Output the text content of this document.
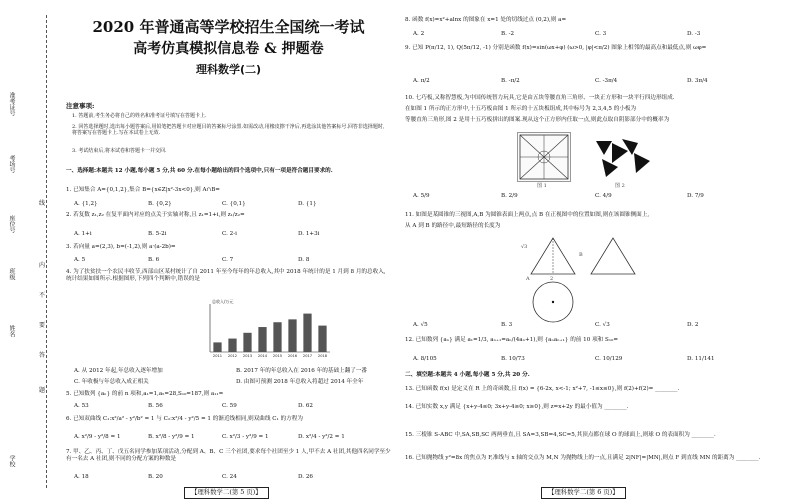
准考证号
考场号
座位号
班级
姓名
学校
线
内
不
要
答
题
2020 年普通高等学校招生全国统一考试
高考仿真模拟信息卷 & 押题卷
理科数学(二)
注意事项:
1. 答题前,考生务必将自己的姓名和准考证号填写在答题卡上.
2. 回答选择题时,选出每小题答案后,用铅笔把答题卡对应题目的答案标号涂黑.如需改动,用橡皮擦干净后,再选涂其他答案标号.回答非选择题时,将答案写在答题卡上.写在本试卷上无效.
3. 考试结束后,将本试卷和答题卡一并交回.
一、选择题:本题共 12 小题,每小题 5 分,共 60 分.在每小题给出的四个选项中,只有一项是符合题目要求的.
1. 已知集合 A={0,1,2},集合 B={x∈Z|x²-3x<0},则 A∩B=
A. {1,2}	B. {0,2}	C. {0,1}	D. {1}
2. 若复数 z₁,z₂ 在复平面内对应的点关于实轴对称,且 z₁=1+i,则 z₁/z₂=
A. 1+i	B. 5-2i	C. 2-i	D. 1+3i
3. 若向量 a=(2,3), b=(-1,2),则 a·(a-2b)=
A. 5	B. 6	C. 7	D. 8
4. 为了扶贫扶一个农民丰收节,西部山区某村统计了自 2011 年至今每年的年总收入,其中 2018 年统计的是 1 月到 8 月的总收入,统计结果如图所示.根据图形,下列四个判断中,错误的是
总收入/万元
2011 2012 2013 2014 2015 2016 2017 2018
A. 从 2012 年起,年总收入逐年增加	B. 2017 年的年总收入在 2016 年的基础上翻了一番
C. 年收极与年总收入成正相关	D. 由图可预测 2018 年总收入将超过 2014 年全年
5. 已知数列 {aₙ} 的前 n 项和,a₁=1,a₅=28,S₁₀=187,则 a₁₁=
A. 53	B. 56	C. 59	D. 62
6. 已知双曲线 C₁:x²/a² - y²/b² = 1 与 C₂:x²/4 - y²/5 = 1 的渐近线相同,则双曲线 C₁ 的方程为
A. x²/9 - y²/8 = 1	B. x²/8 - y²/9 = 1	C. x²/3 - y²/9 = 1	D. x²/4 - y²/2 = 1
7. 甲、乙、丙、丁、戊五名同学参加某项活动,分配到 A、B、C 三个社团,要求每个社团至少 1 人,甲不去 A 社团,其他四名同学至少有一名去 A 社团,则不同的分配方案的种数是
A. 18	B. 20	C. 24	D. 26
【理科数学二(第 5 页)】
8. 函数 f(x)=x²+alnx 的图象在 x=1 处的切线过点 (0,2),则 a=
A. 2	B. -2	C. 3	D. -3
9. 已知 P(π/12, 1), Q(5π/12, -1) 分别是函数 f(x)=sin(ωx+φ) (ω>0, |φ|<π/2) 图象上相邻的最高点和最低点,则 ωφ=
A. π/2	B. -π/2	C. -3π/4	D. 3π/4
10. 七巧板,又称智慧板,为中国传统智力玩具,它是由五块等腰直角三角形、一块正方形和一块平行四边形组成.
在如图 1 所示的正方形中,十五巧板由图 1 所示的十五块板组成,其中标号为 2,3,4,5 的小板为
等腰直角三角形,图 2 是用十五巧板拼出的图案.现从这个正方形内任取一点,则此点取自阴影部分中的概率为
图 1	图 2
A. 5/9	B. 2/9	C. 4/9	D. 7/9
11. 如图是某圆锥的三视图,A,B 为圆锥表面上两点,点 B 在正视图中的位置如图,则在该圆锥侧面上,
从 A 到 B 的路径中,最短路径的长度为
√3
A
B
2
A. √5	B. 3	C. √3	D. 2
12. 已知数列 {aₙ} 满足 a₁=1/3, aₙ₊₁=aₙ/(4aₙ+1),则 {aₙaₙ₊₁} 的前 10 项和 S₁₀=
A. 8/105	B. 10/73	C. 10/129	D. 11/141
二、填空题:本题共 4 小题,每小题 5 分,共 20 分.
13. 已知函数 f(x) 是定义在 R 上的奇函数,且 f(x) = {6-2x, x<-1; x²+7, -1≤x≤0},则 f(2)+f(2)= ________.
14. 已知实数 x,y 满足 {x+y-4≤0; 3x+y-4≥0; x≥0},则 z=x+2y 的最小值为 ________.
15. 三棱锥 S-ABC 中,SA,SB,SC 两两垂直,且 SA=3,SB=4,SC=5,其顶点都在球 O 的球面上,则球 O 的表面积为 ________.
16. 已知抛物线 y²=8x 的焦点为 F,准线与 x 轴的交点为 M,N 为抛物线上的一点,且满足 2|NF|=|MN|,则点 F 到直线 MN 的距离为 ________.
【理科数学二(第 6 页)】
